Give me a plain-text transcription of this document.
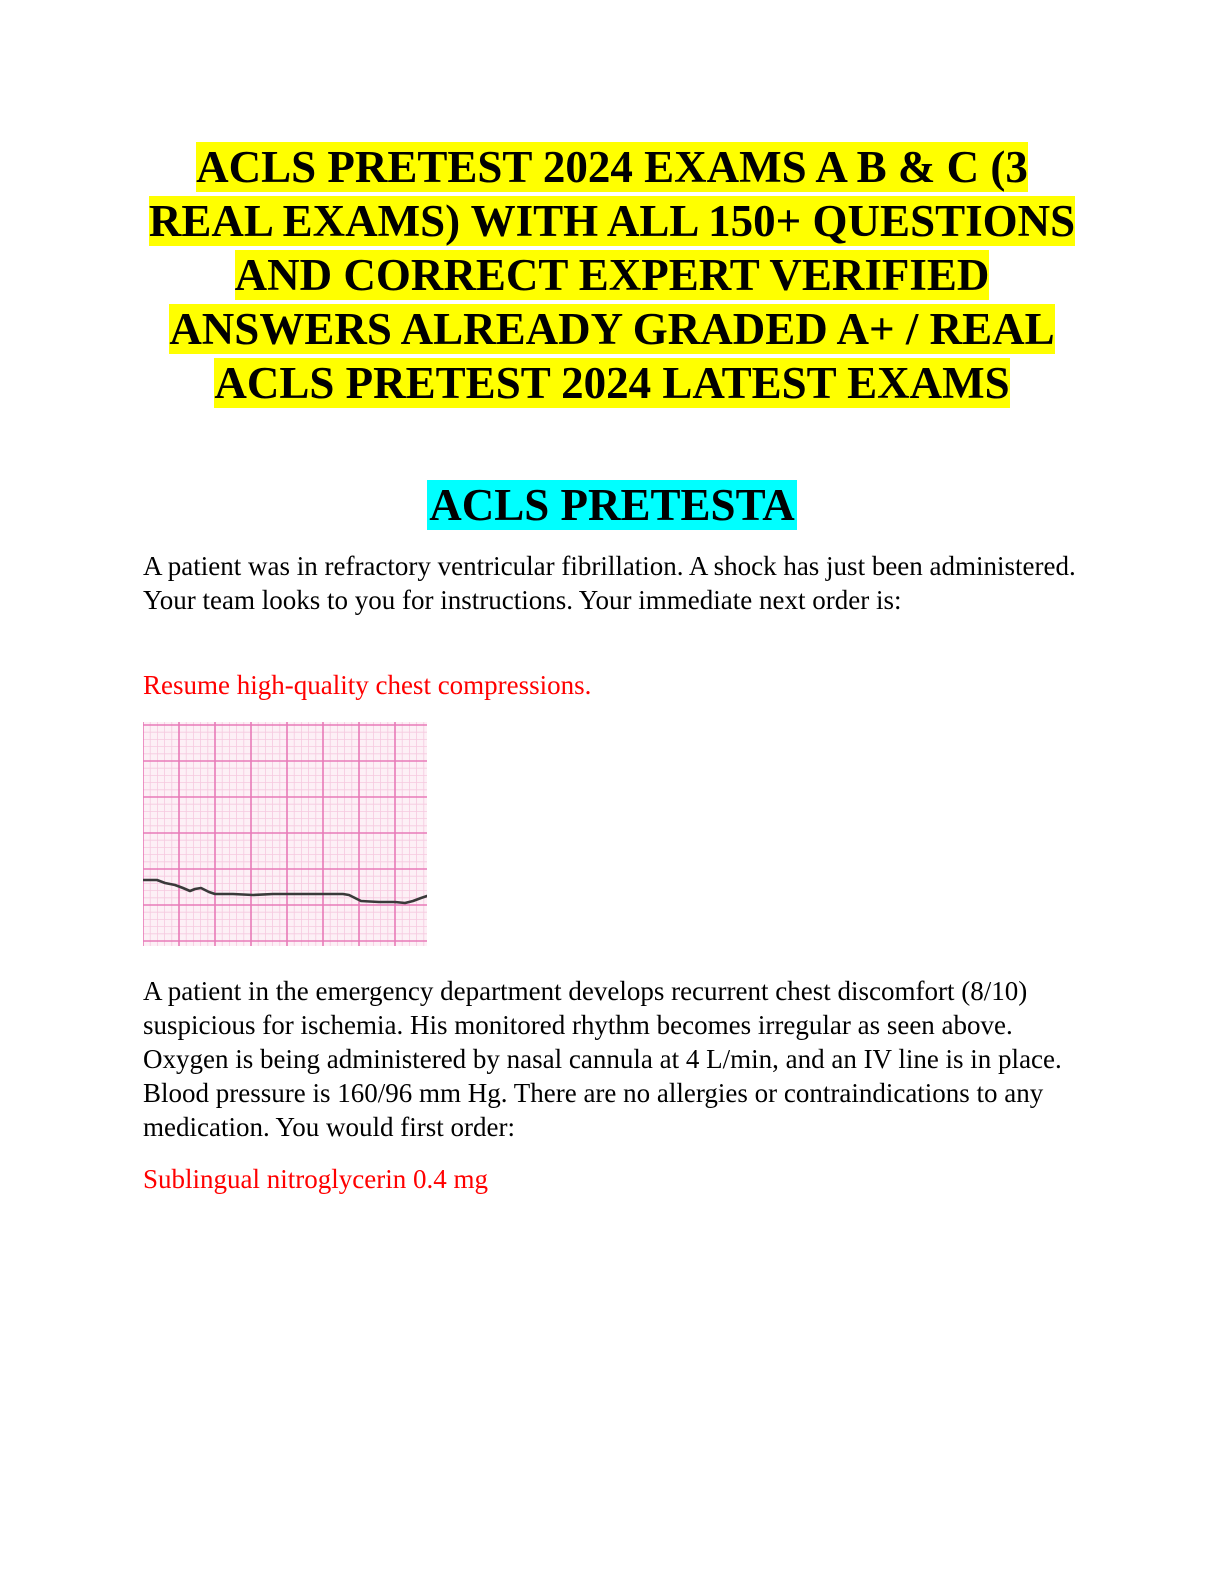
ACLS PRETEST 2024 EXAMS A B & C (3
REAL EXAMS) WITH ALL 150+ QUESTIONS
AND CORRECT EXPERT VERIFIED
ANSWERS ALREADY GRADED A+ / REAL
ACLS PRETEST 2024 LATEST EXAMS
ACLS PRETESTA

A patient was in refractory ventricular fibrillation. A shock has just been administered. Your team looks to you for instructions. Your immediate next order is:

Resume high-quality chest compressions.

A patient in the emergency department develops recurrent chest discomfort (8/10) suspicious for ischemia. His monitored rhythm becomes irregular as seen above. Oxygen is being administered by nasal cannula at 4 L/min, and an IV line is in place. Blood pressure is 160/96 mm Hg. There are no allergies or contraindications to any medication. You would first order:

Sublingual nitroglycerin 0.4 mg
